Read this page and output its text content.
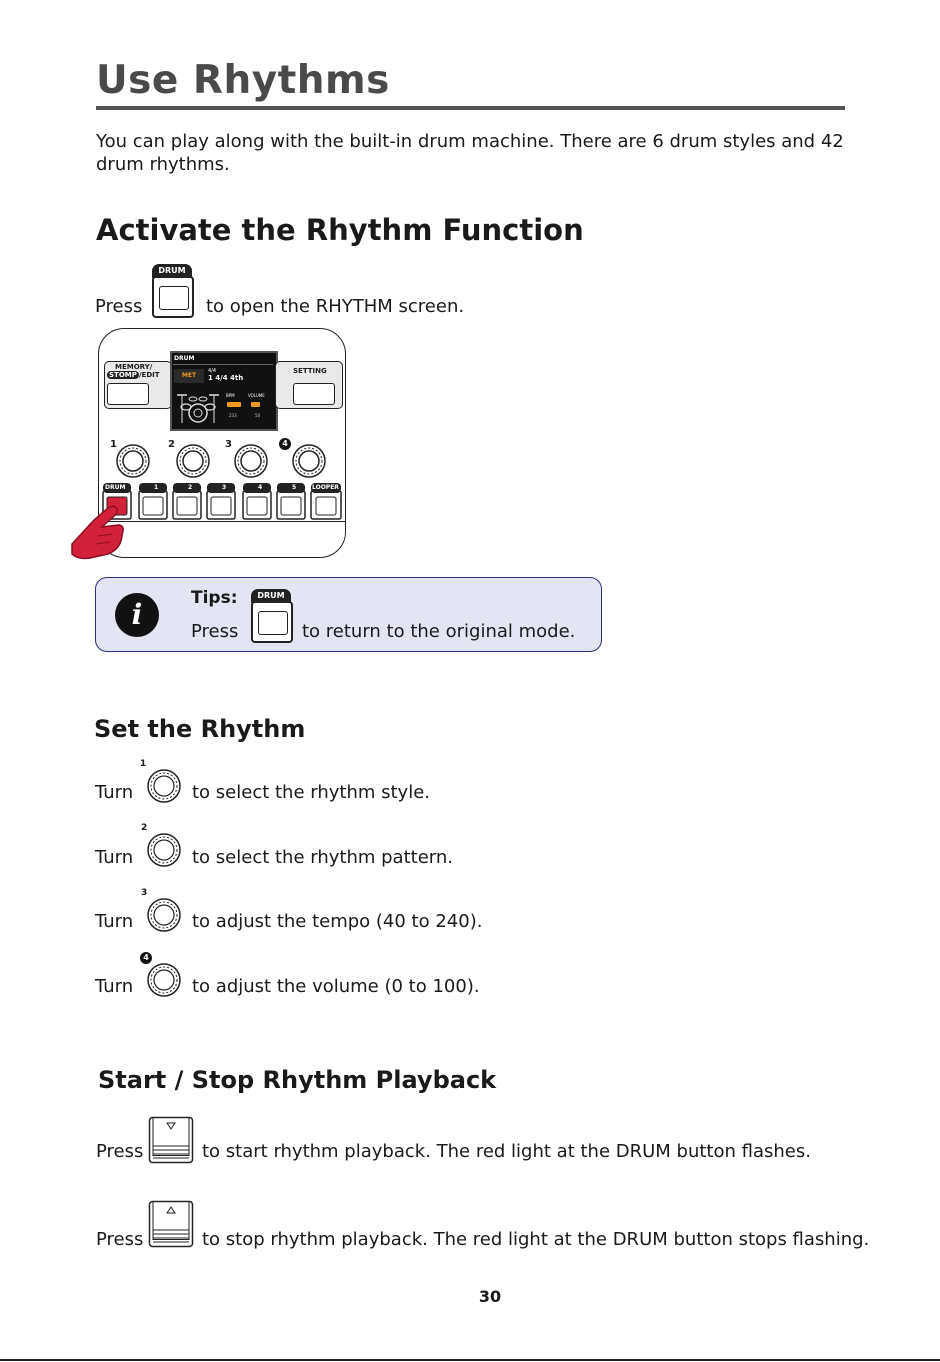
Use Rhythms
You can play along with the built-in drum machine. There are 6 drum styles and 42 drum rhythms.
Activate the Rhythm Function
Press
DRUM
to open the RHYTHM screen.
MEMORY/
STOMP /EDIT
DRUM
MET
4/4
1 4/4 4th
BPM	VOLUME
233	50
SETTING
1	2	3	4
DRUM	1	2	3	4	5	LOOPER
i	Tips:
Press
DRUM
to return to the original mode.
Set the Rhythm
Turn
1
to select the rhythm style.
Turn
2
to select the rhythm pattern.
Turn
3
to adjust the tempo (40 to 240).
Turn
4
to adjust the volume (0 to 100).
Start / Stop Rhythm Playback
Press	to start rhythm playback. The red light at the DRUM button flashes.
Press	to stop rhythm playback. The red light at the DRUM button stops flashing.
30
